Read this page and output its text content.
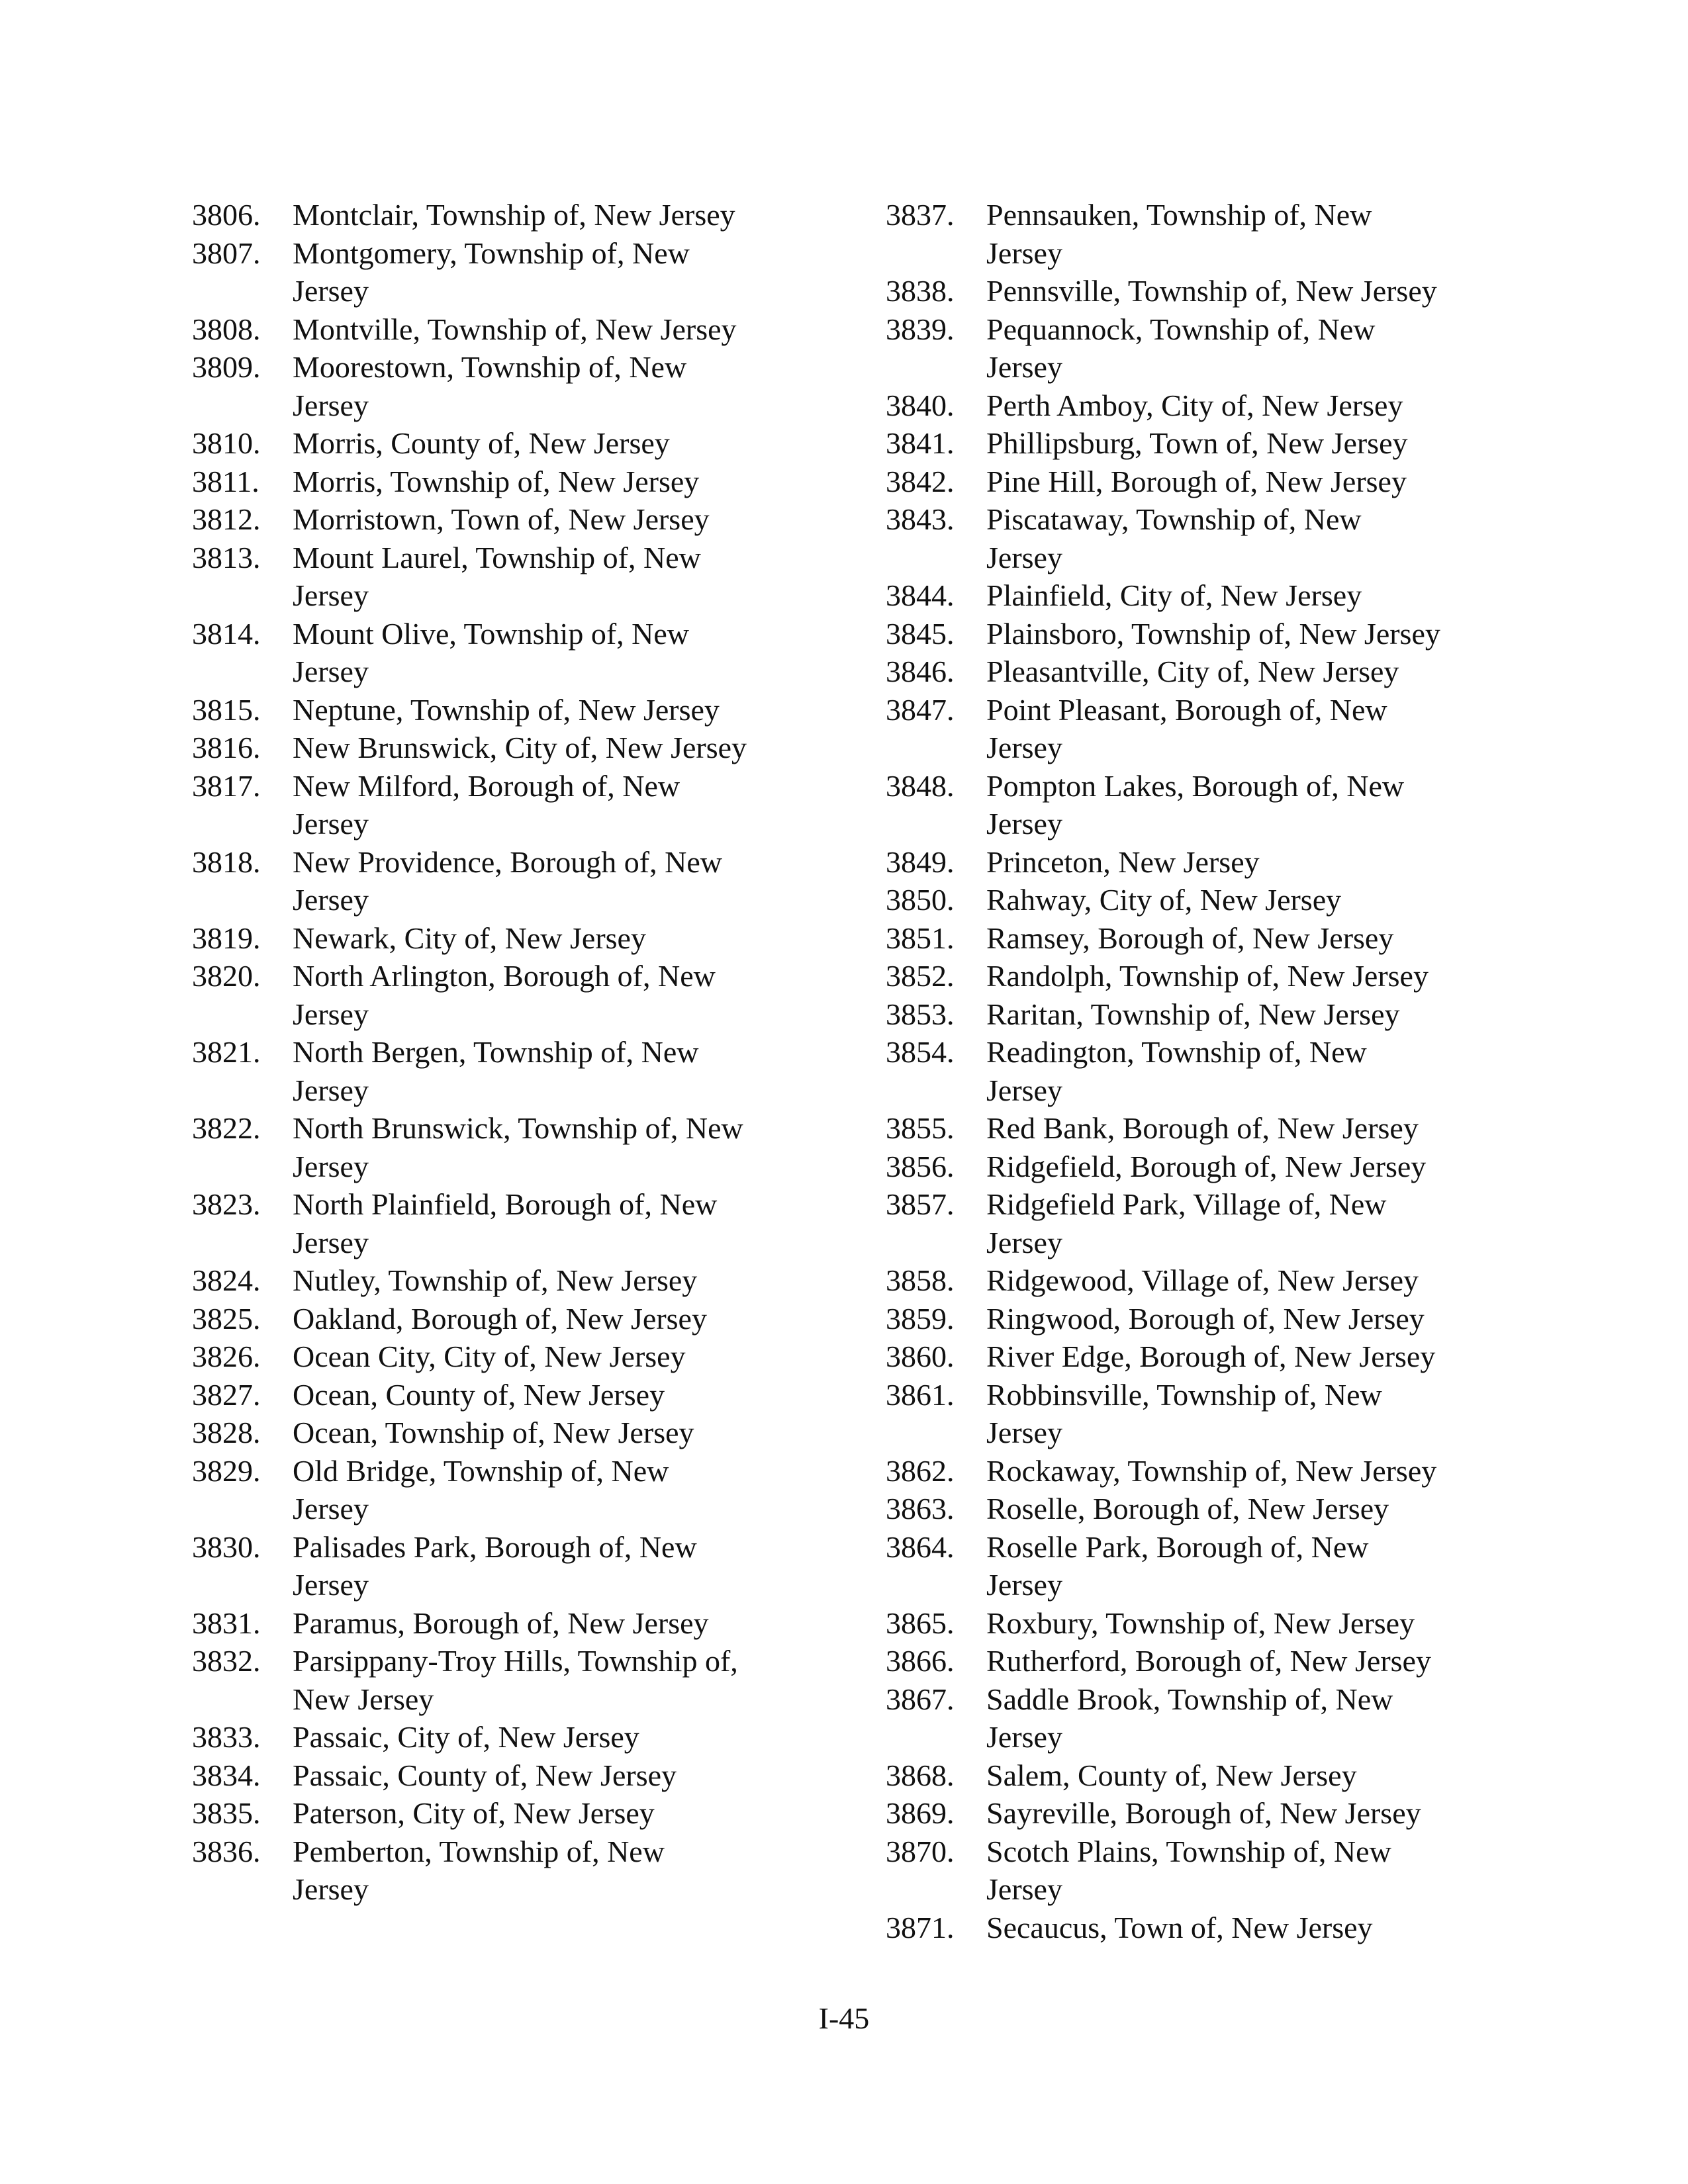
3806.	Montclair, Township of, New Jersey
3807.	Montgomery, Township of, New
Jersey
3808.	Montville, Township of, New Jersey
3809.	Moorestown, Township of, New
Jersey
3810.	Morris, County of, New Jersey
3811.	Morris, Township of, New Jersey
3812.	Morristown, Town of, New Jersey
3813.	Mount Laurel, Township of, New
Jersey
3814.	Mount Olive, Township of, New
Jersey
3815.	Neptune, Township of, New Jersey
3816.	New Brunswick, City of, New Jersey
3817.	New Milford, Borough of, New
Jersey
3818.	New Providence, Borough of, New
Jersey
3819.	Newark, City of, New Jersey
3820.	North Arlington, Borough of, New
Jersey
3821.	North Bergen, Township of, New
Jersey
3822.	North Brunswick, Township of, New
Jersey
3823.	North Plainfield, Borough of, New
Jersey
3824.	Nutley, Township of, New Jersey
3825.	Oakland, Borough of, New Jersey
3826.	Ocean City, City of, New Jersey
3827.	Ocean, County of, New Jersey
3828.	Ocean, Township of, New Jersey
3829.	Old Bridge, Township of, New
Jersey
3830.	Palisades Park, Borough of, New
Jersey
3831.	Paramus, Borough of, New Jersey
3832.	Parsippany-Troy Hills, Township of,
New Jersey
3833.	Passaic, City of, New Jersey
3834.	Passaic, County of, New Jersey
3835.	Paterson, City of, New Jersey
3836.	Pemberton, Township of, New
Jersey
3837.	Pennsauken, Township of, New
Jersey
3838.	Pennsville, Township of, New Jersey
3839.	Pequannock, Township of, New
Jersey
3840.	Perth Amboy, City of, New Jersey
3841.	Phillipsburg, Town of, New Jersey
3842.	Pine Hill, Borough of, New Jersey
3843.	Piscataway, Township of, New
Jersey
3844.	Plainfield, City of, New Jersey
3845.	Plainsboro, Township of, New Jersey
3846.	Pleasantville, City of, New Jersey
3847.	Point Pleasant, Borough of, New
Jersey
3848.	Pompton Lakes, Borough of, New
Jersey
3849.	Princeton, New Jersey
3850.	Rahway, City of, New Jersey
3851.	Ramsey, Borough of, New Jersey
3852.	Randolph, Township of, New Jersey
3853.	Raritan, Township of, New Jersey
3854.	Readington, Township of, New
Jersey
3855.	Red Bank, Borough of, New Jersey
3856.	Ridgefield, Borough of, New Jersey
3857.	Ridgefield Park, Village of, New
Jersey
3858.	Ridgewood, Village of, New Jersey
3859.	Ringwood, Borough of, New Jersey
3860.	River Edge, Borough of, New Jersey
3861.	Robbinsville, Township of, New
Jersey
3862.	Rockaway, Township of, New Jersey
3863.	Roselle, Borough of, New Jersey
3864.	Roselle Park, Borough of, New
Jersey
3865.	Roxbury, Township of, New Jersey
3866.	Rutherford, Borough of, New Jersey
3867.	Saddle Brook, Township of, New
Jersey
3868.	Salem, County of, New Jersey
3869.	Sayreville, Borough of, New Jersey
3870.	Scotch Plains, Township of, New
Jersey
3871.	Secaucus, Town of, New Jersey
I-45
